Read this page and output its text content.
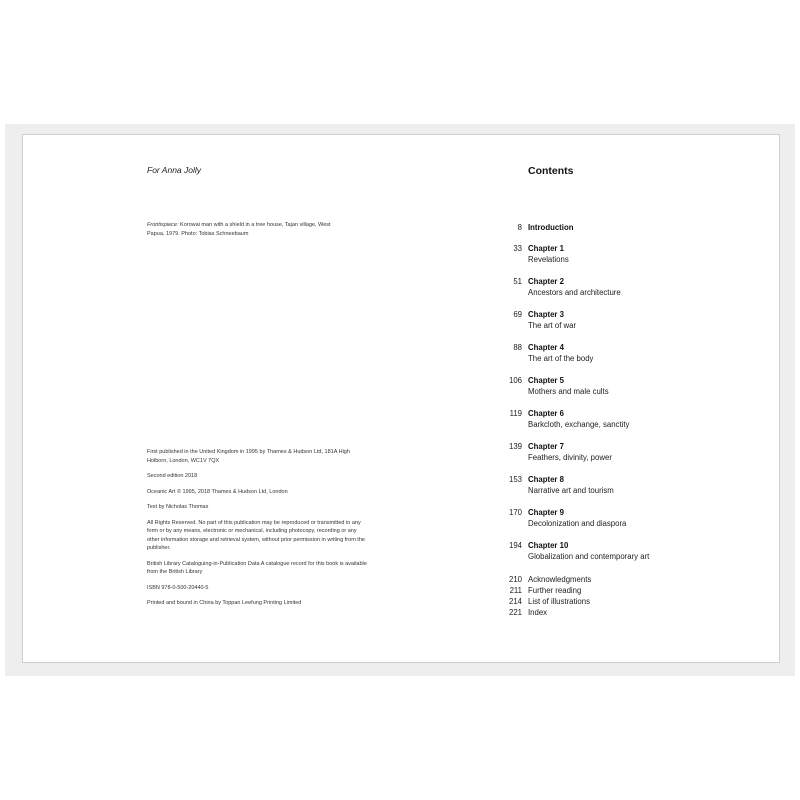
For Anna Jolly
Frontispiece: Korowai man with a shield in a tree house, Tajan village, West Papua, 1979. Photo: Tobias Schneebaum

First published in the United Kingdom in 1995 by Thames & Hudson Ltd, 181A High Holborn, London, WC1V 7QX

Second edition 2018

Oceanic Art © 1995, 2018 Thames & Hudson Ltd, London

Text by Nicholas Thomas

All Rights Reserved. No part of this publication may be reproduced or transmitted in any form or by any means, electronic or mechanical, including photocopy, recording or any other information storage and retrieval system, without prior permission in writing from the publisher.

British Library Cataloguing-in-Publication Data A catalogue record for this book is available from the British Library

ISBN 978-0-500-20440-5

Printed and bound in China by Toppan Leefung Printing Limited

Contents
8 Introduction
33 Chapter 1
Revelations
51 Chapter 2
Ancestors and architecture
69 Chapter 3
The art of war
88 Chapter 4
The art of the body
106 Chapter 5
Mothers and male cults
119 Chapter 6
Barkcloth, exchange, sanctity
139 Chapter 7
Feathers, divinity, power
153 Chapter 8
Narrative art and tourism
170 Chapter 9
Decolonization and diaspora
194 Chapter 10
Globalization and contemporary art
210 Acknowledgments
211 Further reading
214 List of illustrations
221 Index
